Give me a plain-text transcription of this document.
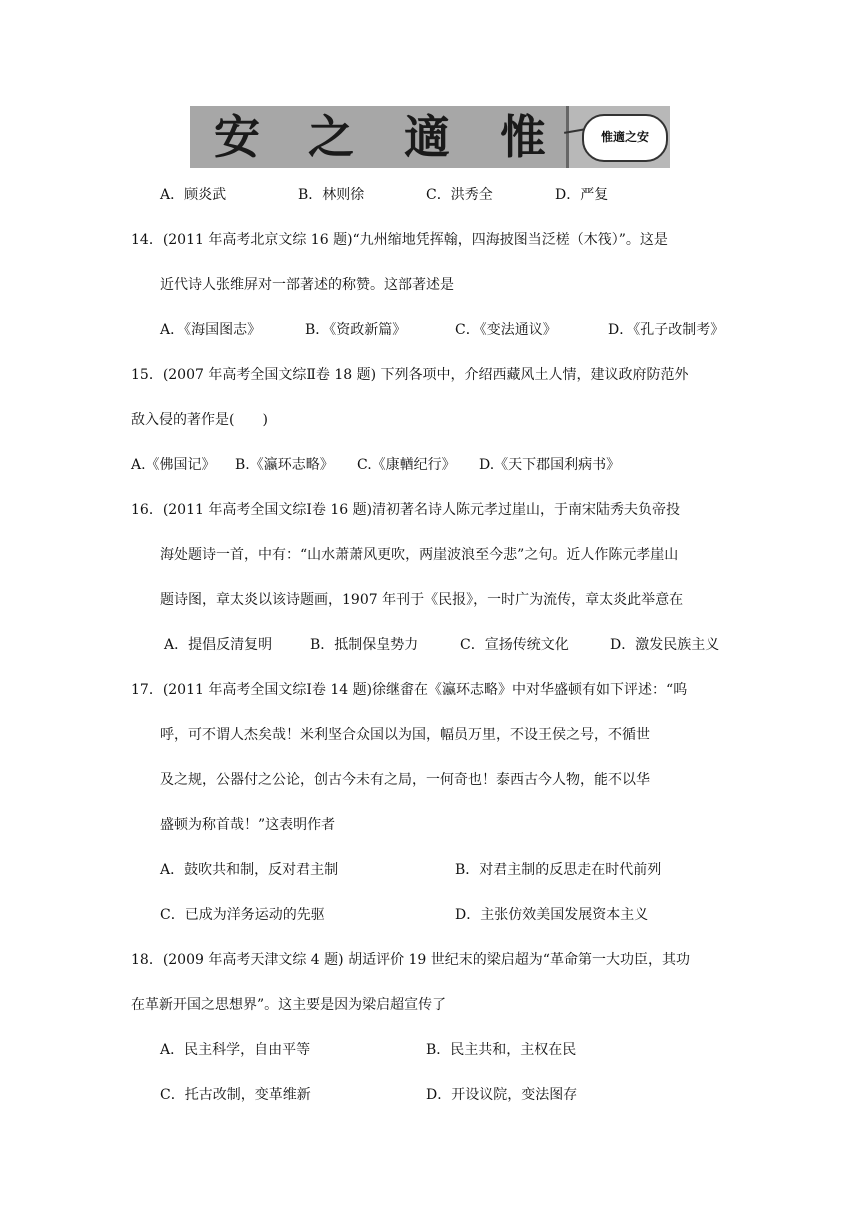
安 之 適 惟	惟適之安
A．顾炎武	B．林则徐	C．洪秀全	D．严复
14．(2011 年高考北京文综 16 题)“九州缩地凭挥翰，四海披图当泛槎（木筏）”。这是
近代诗人张维屏对一部著述的称赞。这部著述是
A．《海国图志》	B．《资政新篇》	C．《变法通议》	D．《孔子改制考》
15．(2007 年高考全国文综Ⅱ卷 18 题) 下列各项中，介绍西藏风土人情，建议政府防范外
敌入侵的著作是(　　)
A.《佛国记》 B.《瀛环志略》 C.《康輶纪行》 D.《天下郡国利病书》
16．(2011 年高考全国文综Ⅰ卷 16 题)清初著名诗人陈元孝过崖山，于南宋陆秀夫负帝投
海处题诗一首，中有：“山水萧萧风更吹，两崖波浪至今悲”之句。近人作陈元孝崖山
题诗图，章太炎以该诗题画，1907 年刊于《民报》，一时广为流传，章太炎此举意在
A．提倡反清复明	B．抵制保皇势力	C．宣扬传统文化	D．激发民族主义
17．(2011 年高考全国文综Ⅰ卷 14 题)徐继畬在《瀛环志略》中对华盛顿有如下评述：“呜
呼，可不谓人杰矣哉！米利坚合众国以为国，幅员万里，不设王侯之号，不循世
及之规，公器付之公论，创古今未有之局，一何奇也！泰西古今人物，能不以华
盛顿为称首哉！”这表明作者
A．鼓吹共和制，反对君主制	B．对君主制的反思走在时代前列
C．已成为洋务运动的先驱	D．主张仿效美国发展资本主义
18．(2009 年高考天津文综 4 题) 胡适评价 19 世纪末的梁启超为“革命第一大功臣，其功
在革新开国之思想界”。这主要是因为梁启超宣传了
A．民主科学，自由平等	B．民主共和，主权在民
C．托古改制，变革维新	D．开设议院，变法图存
